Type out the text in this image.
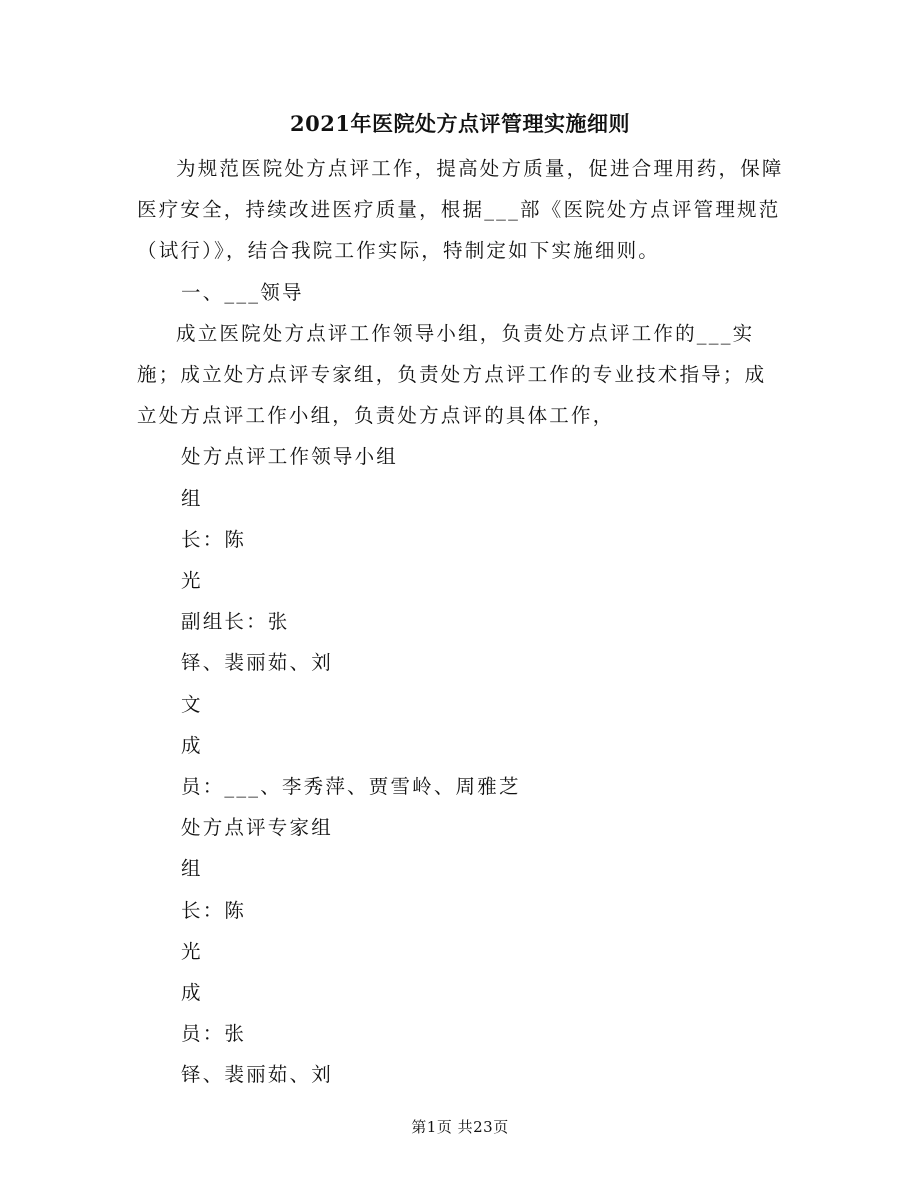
2021年医院处方点评管理实施细则

为规范医院处方点评工作，提高处方质量，促进合理用药，保障医疗安全，持续改进医疗质量，根据___部《医院处方点评管理规范（试行）》，结合我院工作实际，特制定如下实施细则。

一、___领导

成立医院处方点评工作领导小组，负责处方点评工作的___实施；成立处方点评专家组，负责处方点评工作的专业技术指导；成立处方点评工作小组，负责处方点评的具体工作，

处方点评工作领导小组

组

长：陈

光

副组长：张

铎、裴丽茹、刘

文

成

员：___、李秀萍、贾雪岭、周雅芝

处方点评专家组

组

长：陈

光

成

员：张

铎、裴丽茹、刘

第1页 共23页
